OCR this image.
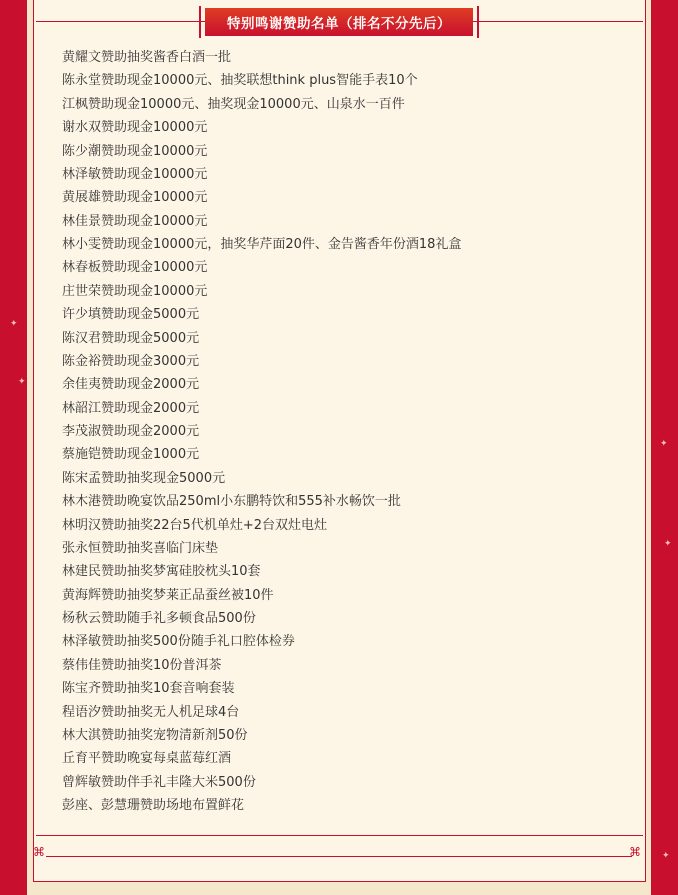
⌘	⌘
✦
✦
✦
✦
✦
特别鸣谢赞助名单（排名不分先后）
黄耀文赞助抽奖酱香白酒一批
陈永堂赞助现金10000元、抽奖联想think plus智能手表10个
江枫赞助现金10000元、抽奖现金10000元、山泉水一百件
谢水双赞助现金10000元
陈少潮赞助现金10000元
林泽敏赞助现金10000元
黄展雄赞助现金10000元
林佳景赞助现金10000元
林小雯赞助现金10000元，抽奖华芹面20件、金告酱香年份酒18礼盒
林春板赞助现金10000元
庄世荣赞助现金10000元
许少填赞助现金5000元
陈汉君赞助现金5000元
陈金裕赞助现金3000元
余佳夷赞助现金2000元
林韶江赞助现金2000元
李茂淑赞助现金2000元
蔡施铠赞助现金1000元
陈宋孟赞助抽奖现金5000元
林木港赞助晚宴饮品250ml小东鹏特饮和555补水畅饮一批
林明汉赞助抽奖22台5代机单灶+2台双灶电灶
张永恒赞助抽奖喜临门床垫
林建民赞助抽奖梦寓硅胶枕头10套
黄海辉赞助抽奖梦莱正品蚕丝被10件
杨秋云赞助随手礼多顿食品500份
林泽敏赞助抽奖500份随手礼口腔体检券
蔡伟佳赞助抽奖10份普洱茶
陈宝齐赞助抽奖10套音响套装
程语汐赞助抽奖无人机足球4台
林大淇赞助抽奖宠物清新剂50份
丘育平赞助晚宴每桌蓝莓红酒
曾辉敏赞助伴手礼丰隆大米500份
彭座、彭慧珊赞助场地布置鲜花
